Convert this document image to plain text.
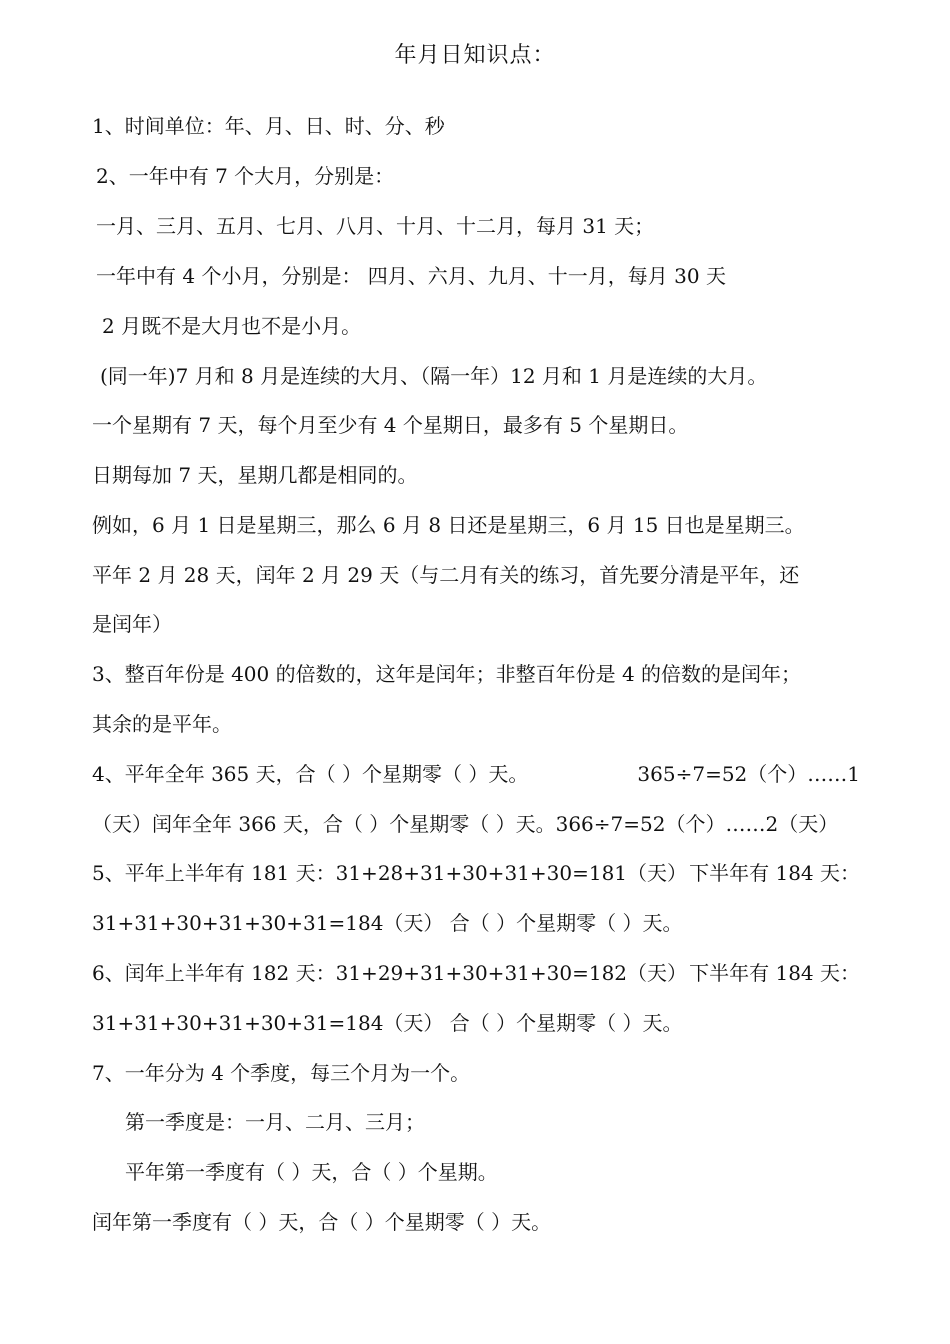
年月日知识点：
1、时间单位：年、月、日、时、分、秒
2、一年中有 7 个大月，分别是：
一月、三月、五月、七月、八月、十月、十二月，每月 31 天；
一年中有 4 个小月，分别是： 四月、六月、九月、十一月，每月 30 天
2 月既不是大月也不是小月。
(同一年)7 月和 8 月是连续的大月、（隔一年）12 月和 1 月是连续的大月。
一个星期有 7 天，每个月至少有 4 个星期日，最多有 5 个星期日。
日期每加 7 天，星期几都是相同的。
例如，6 月 1 日是星期三，那么 6 月 8 日还是星期三，6 月 15 日也是星期三。
平年 2 月 28 天，闰年 2 月 29 天（与二月有关的练习，首先要分清是平年，还
是闰年）
3、整百年份是 400 的倍数的，这年是闰年；非整百年份是 4 的倍数的是闰年；
其余的是平年。
4、平年全年 365 天，合（ ）个星期零（ ）天。	365÷7=52（个）……1
（天）闰年全年 366 天，合（ ）个星期零（ ）天。366÷7=52（个）……2（天）
5、平年上半年有 181 天：31+28+31+30+31+30=181（天） 下半年有 184 天：
31+31+30+31+30+31=184（天） 合（ ）个星期零（ ）天。
6、闰年上半年有 182 天：31+29+31+30+31+30=182（天） 下半年有 184 天：
31+31+30+31+30+31=184（天） 合（ ）个星期零（ ）天。
7、一年分为 4 个季度，每三个月为一个。
第一季度是：一月、二月、三月；
平年第一季度有（ ）天，合（ ）个星期。
闰年第一季度有（ ）天，合（ ）个星期零（ ）天。
